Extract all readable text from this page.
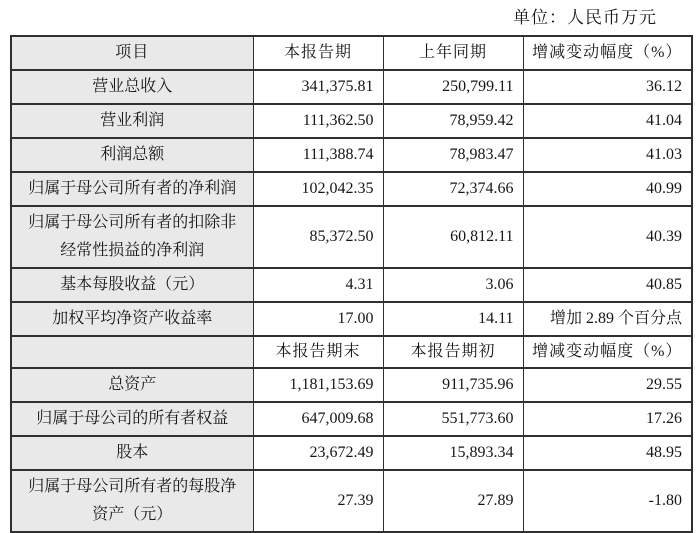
单位：人民币万元
项目	本报告期	上年同期	增减变动幅度（%）
营业总收入	341,375.81	250,799.11	36.12
营业利润	111,362.50	78,959.42	41.04
利润总额	111,388.74	78,983.47	41.03
归属于母公司所有者的净利润	102,042.35	72,374.66	40.99
归属于母公司所有者的扣除非经常性损益的净利润	85,372.50	60,812.11	40.39
基本每股收益（元）	4.31	3.06	40.85
加权平均净资产收益率	17.00	14.11	增加 2.89 个百分点
	本报告期末	本报告期初	增减变动幅度（%）
总资产	1,181,153.69	911,735.96	29.55
归属于母公司的所有者权益	647,009.68	551,773.60	17.26
股本	23,672.49	15,893.34	48.95
归属于母公司所有者的每股净资产（元）	27.39	27.89	-1.80
